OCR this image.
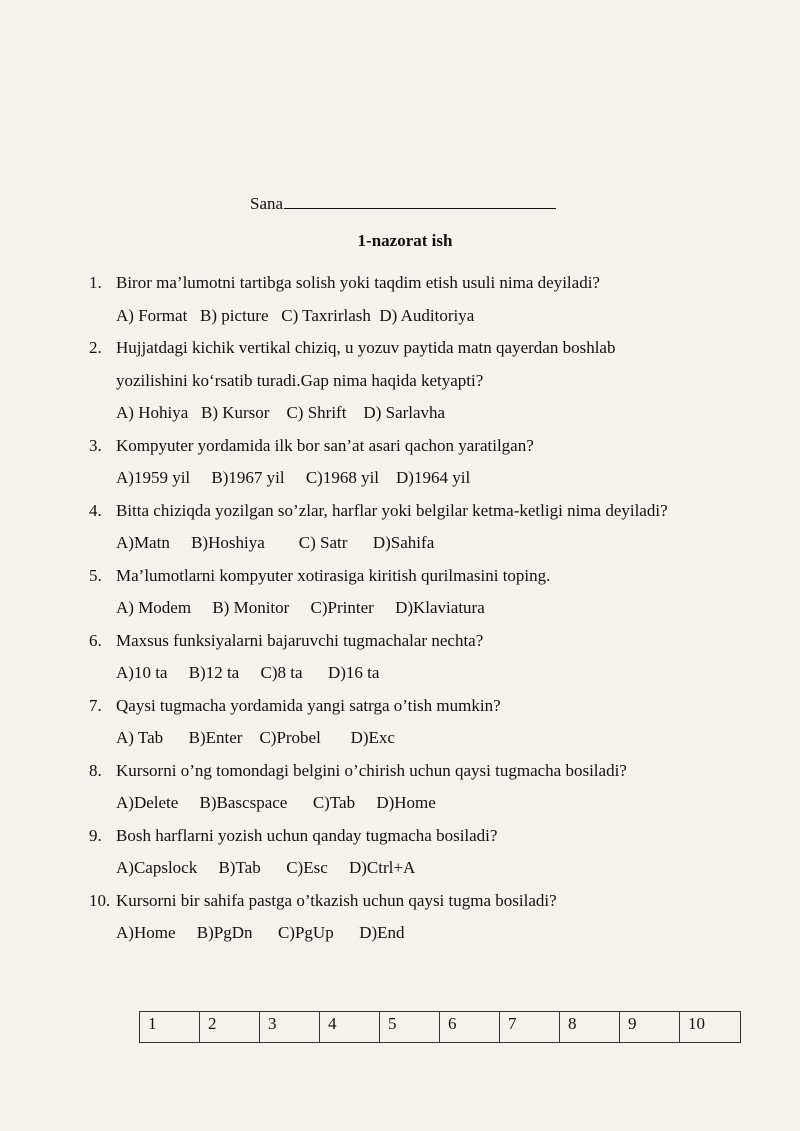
Sana
1-nazorat ish
1. Biror ma’lumotni tartibga solish yoki taqdim etish usuli nima deyiladi?
A) Format   B) picture   C) Taxrirlash  D) Auditoriya
2. Hujjatdagi kichik vertikal chiziq, u yozuv paytida matn qayerdan boshlab yozilishini ko‘rsatib turadi.Gap nima haqida ketyapti?
A) Hohiya   B) Kursor    C) Shrift    D) Sarlavha
3. Kompyuter yordamida ilk bor san’at asari qachon yaratilgan?
A)1959 yil     B)1967 yil     C)1968 yil    D)1964 yil
4. Bitta chiziqda yozilgan so’zlar, harflar yoki belgilar ketma-ketligi nima deyiladi?
A)Matn     B)Hoshiya        C) Satr      D)Sahifa
5. Ma’lumotlarni kompyuter xotirasiga kiritish qurilmasini toping.
A) Modem     B) Monitor     C)Printer     D)Klaviatura
6. Maxsus funksiyalarni bajaruvchi tugmachalar nechta?
A)10 ta     B)12 ta     C)8 ta      D)16 ta
7. Qaysi tugmacha yordamida yangi satrga o’tish mumkin?
A) Tab      B)Enter    C)Probel       D)Exc
8. Kursorni o’ng tomondagi belgini o’chirish uchun qaysi tugmacha bosiladi?
A)Delete     B)Bascspace      C)Tab     D)Home
9. Bosh harflarni yozish uchun qanday tugmacha bosiladi?
A)Capslock     B)Tab      C)Esc     D)Ctrl+A
10. Kursorni bir sahifa pastga o’tkazish uchun qaysi tugma bosiladi?
A)Home     B)PgDn      C)PgUp      D)End
1	2	3	4	5	6	7	8	9	10
